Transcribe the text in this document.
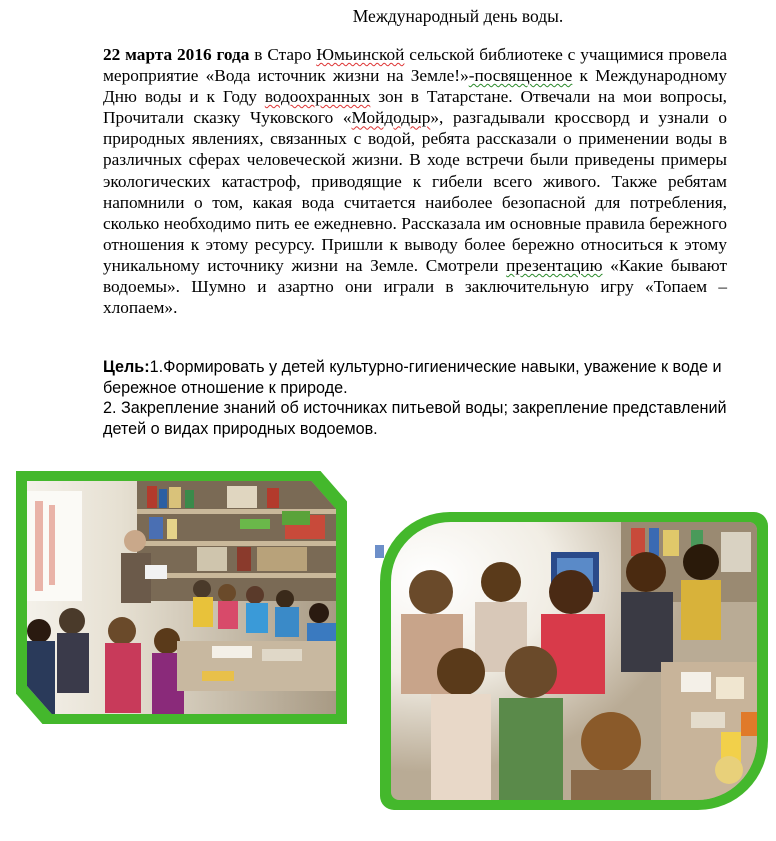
Международный день воды.
22 марта 2016 года в Старо Юмьинской сельской библиотеке с учащимися провела мероприятие «Вода источник жизни на Земле!»-посвященное к Международному Дню воды и к Году водоохранных зон в Татарстане. Отвечали на мои вопросы, Прочитали сказку Чуковского «Мойдодыр», разгадывали кроссворд и узнали о природных явлениях, связанных с водой, ребята рассказали о применении воды в различных сферах человеческой жизни. В ходе встречи были приведены примеры экологических катастроф, приводящие к гибели всего живого. Также ребятам напомнили о том, какая вода считается наиболее безопасной для потребления, сколько необходимо пить ее ежедневно. Рассказала им основные правила бережного отношения к этому ресурсу. Пришли к выводу более бережно относиться к этому уникальному источнику жизни на Земле. Смотрели презентацию «Какие бывают водоемы». Шумно и азартно они играли в заключительную игру «Топаем – хлопаем».
Цель:1.Формировать у детей культурно-гигиенические навыки, уважение к воде и бережное отношение к природе.
2. Закрепление знаний об источниках питьевой воды; закрепление представлений детей о видах природных водоемов.
